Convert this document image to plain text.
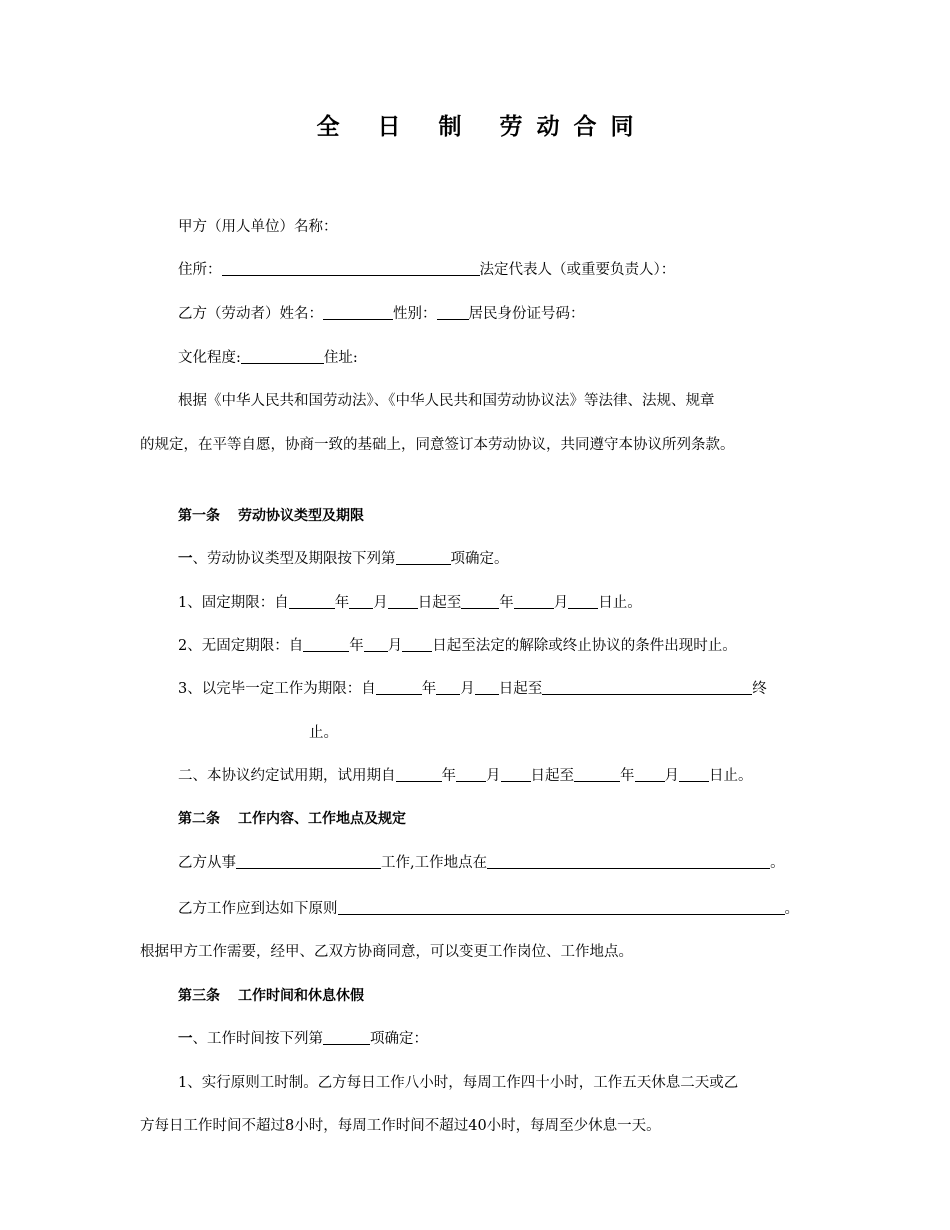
全 日 制 劳 动 合 同
甲方（用人单位）名称：
住所：	法定代表人（或重要负责人）：
乙方（劳动者）姓名：	性别： 居民身份证号码：
文化程度:	住址:
根据《中华人民共和国劳动法》、《中华人民共和国劳动协议法》等法律、法规、规章
的规定，在平等自愿，协商一致的基础上，同意签订本劳动协议，共同遵守本协议所列条款。
第一条 劳动协议类型及期限
一、劳动协议类型及期限按下列第	项确定。
1、固定期限：自	年 月 日起至	年	月 日止。
2、无固定期限：自	年 月 日起至法定的解除或终止协议的条件出现时止。
3、以完毕一定工作为期限：自	年 月 日起至	终
止。
二、本协议约定试用期，试用期自	年 月 日起至	年 月 日止。
第二条 工作内容、工作地点及规定
乙方从事	工作,工作地点在	。
乙方工作应到达如下原则	。
根据甲方工作需要，经甲、乙双方协商同意，可以变更工作岗位、工作地点。
第三条 工作时间和休息休假
一、工作时间按下列第	项确定：
1、实行原则工时制。乙方每日工作八小时，每周工作四十小时，工作五天休息二天或乙
方每日工作时间不超过8小时，每周工作时间不超过40小时，每周至少休息一天。
